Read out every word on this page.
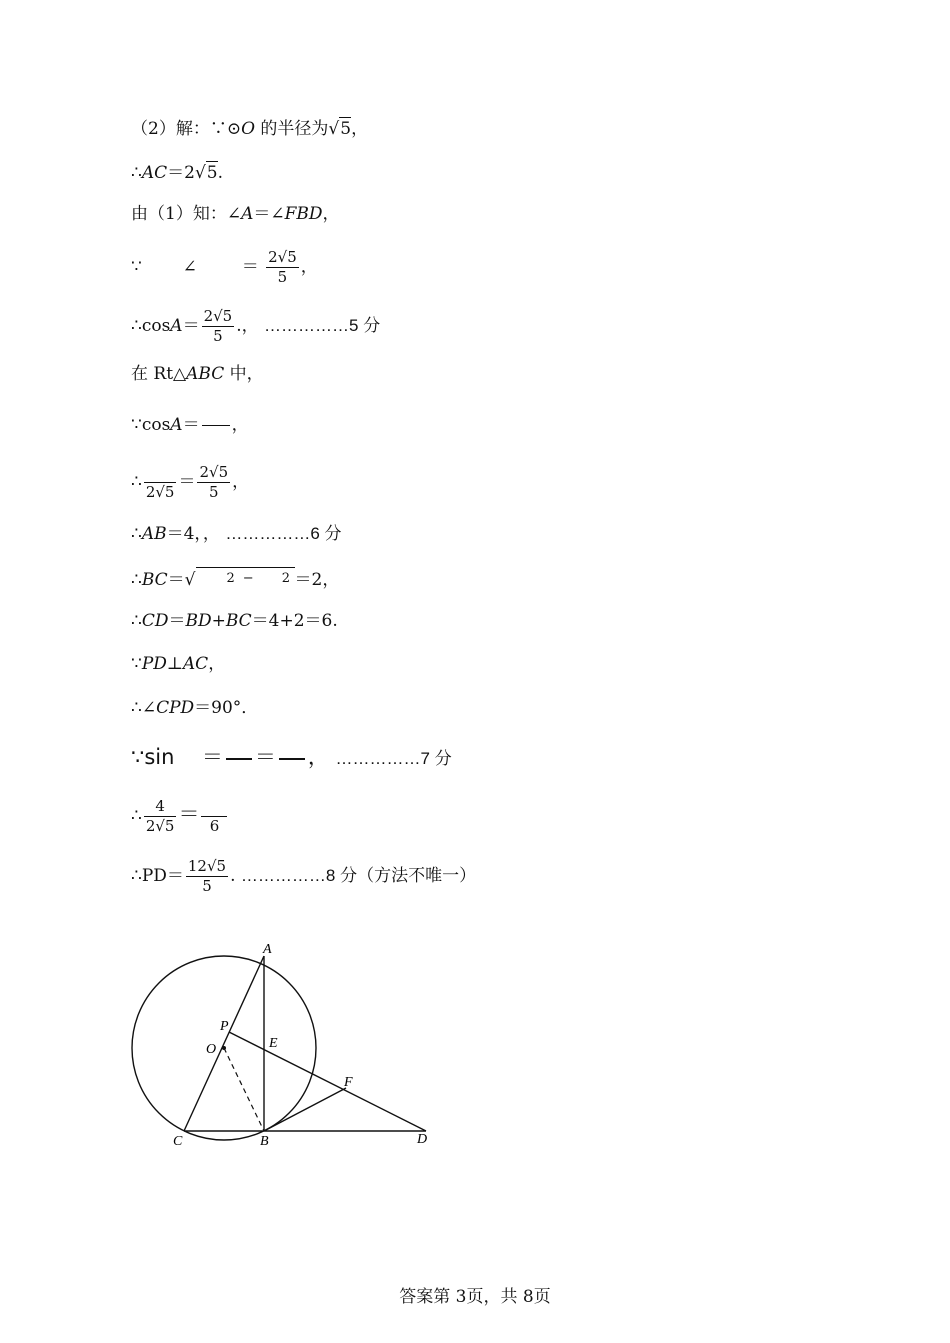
（2）解：∵⊙O 的半径为√5，
∴AC＝2√5.
由（1）知：∠A＝∠FBD，
∵ ∠	＝ $\frac{2√5}{5}$ ，
∴cosA＝ $\frac{2√5}{5}$ .， ……………5 分
在 Rt△ABC 中，
∵cosA＝ ，
∴ $2√5 = \frac{2√5}{5}$ ，
∴AB＝4，， ……………6 分
∴BC＝√ 2 − 2 ＝2，
∴CD＝BD+BC＝4+2＝6.
∵PD⊥AC，
∴∠CPD＝90°．
∵sin ＝ ＝ ， ……………7 分
∴ $\frac{4}{2√5} = 6$
∴PD＝ $\frac{12√5}{5}$ . ……………8 分（方法不唯一）
A
P
O	E
F
C	B	D
答案第 3页，共 8页
